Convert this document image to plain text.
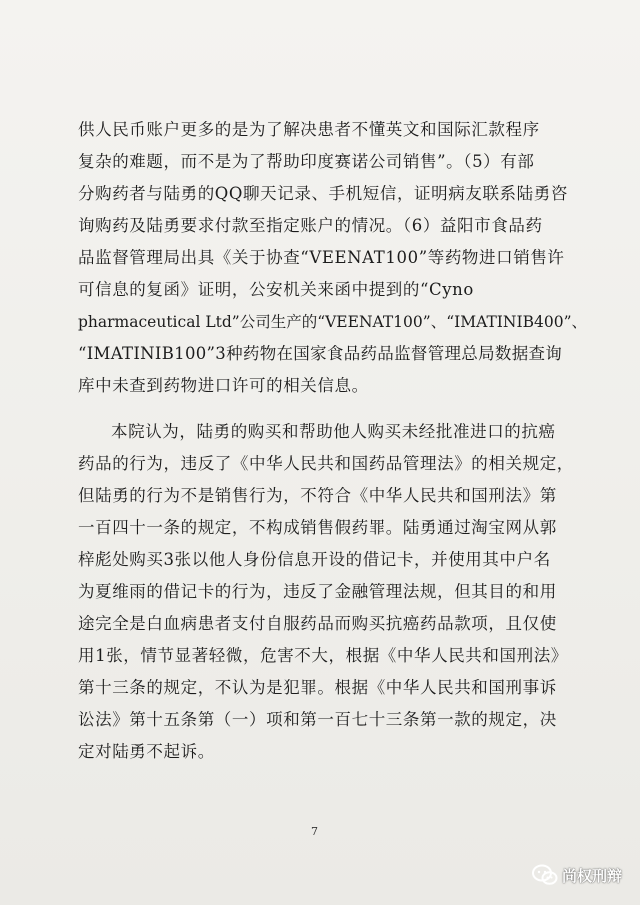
供人民币账户更多的是为了解决患者不懂英文和国际汇款程序
复杂的难题，而不是为了帮助印度赛诺公司销售”。（5）有部
分购药者与陆勇的QQ聊天记录、手机短信，证明病友联系陆勇咨
询购药及陆勇要求付款至指定账户的情况。（6）益阳市食品药
品监督管理局出具《关于协查“VEENAT100”等药物进口销售许
可信息的复函》证明，公安机关来函中提到的“Cyno
pharmaceutical Ltd”公司生产的“VEENAT100”、“IMATINIB400”、
“IMATINIB100”3种药物在国家食品药品监督管理总局数据查询
库中未查到药物进口许可的相关信息。

本院认为，陆勇的购买和帮助他人购买未经批准进口的抗癌
药品的行为，违反了《中华人民共和国药品管理法》的相关规定，
但陆勇的行为不是销售行为，不符合《中华人民共和国刑法》第
一百四十一条的规定，不构成销售假药罪。陆勇通过淘宝网从郭
梓彪处购买3张以他人身份信息开设的借记卡，并使用其中户名
为夏维雨的借记卡的行为，违反了金融管理法规，但其目的和用
途完全是白血病患者支付自服药品而购买抗癌药品款项，且仅使
用1张，情节显著轻微，危害不大，根据《中华人民共和国刑法》
第十三条的规定，不认为是犯罪。根据《中华人民共和国刑事诉
讼法》第十五条第（一）项和第一百七十三条第一款的规定，决
定对陆勇不起诉。

7
尚权刑辩
